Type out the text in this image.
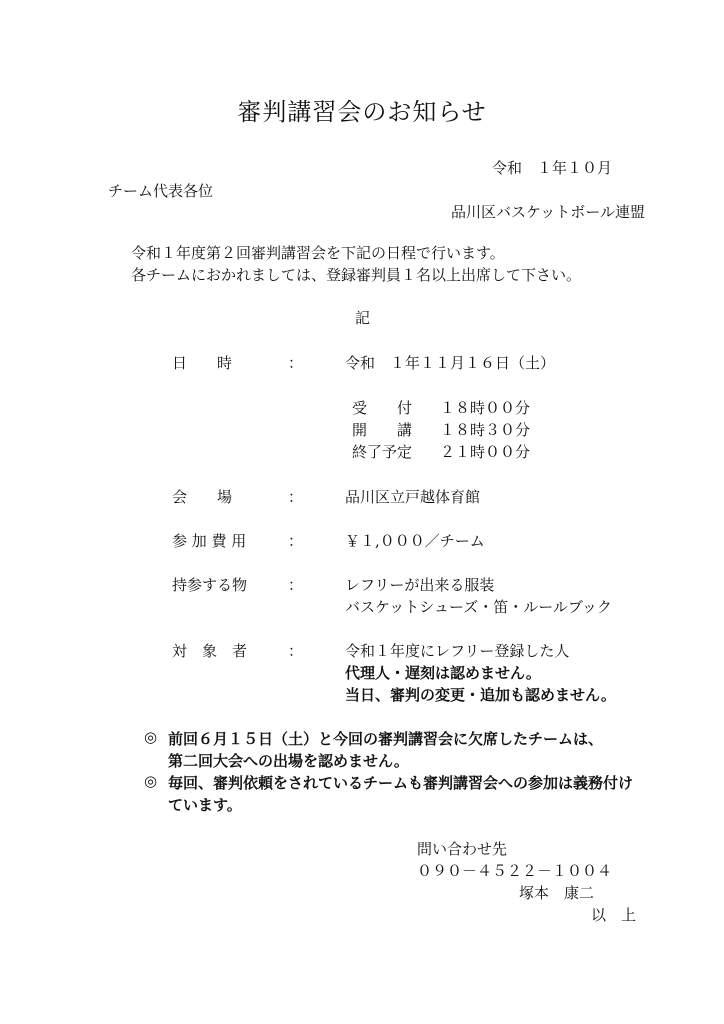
審判講習会のお知らせ
令和　１年１０月
チーム代表各位
品川区バスケットボール連盟
令和１年度第２回審判講習会を下記の日程で行います。
各チームにおかれましては、登録審判員１名以上出席して下さい。
記
日　　時	：	令和　１年１１月１６日（土）
受　　付 １８時００分
開　　講 １８時３０分
終了予定 ２１時００分
会　　場	：	品川区立戸越体育館
参 加 費 用	：	￥１,０００／チーム
持参する物	：	レフリーが出来る服装
バスケットシューズ・笛・ルールブック
対　象　者	：	令和１年度にレフリー登録した人
代理人・遅刻は認めません。
当日、審判の変更・追加も認めません。
◎ 前回６月１５日（土）と今回の審判講習会に欠席したチームは、
第二回大会への出場を認めません。
◎ 毎回、審判依頼をされているチームも審判講習会への参加は義務付け
ています。
問い合わせ先
０９０－４５２２－１００４
塚本　康二
以　上
